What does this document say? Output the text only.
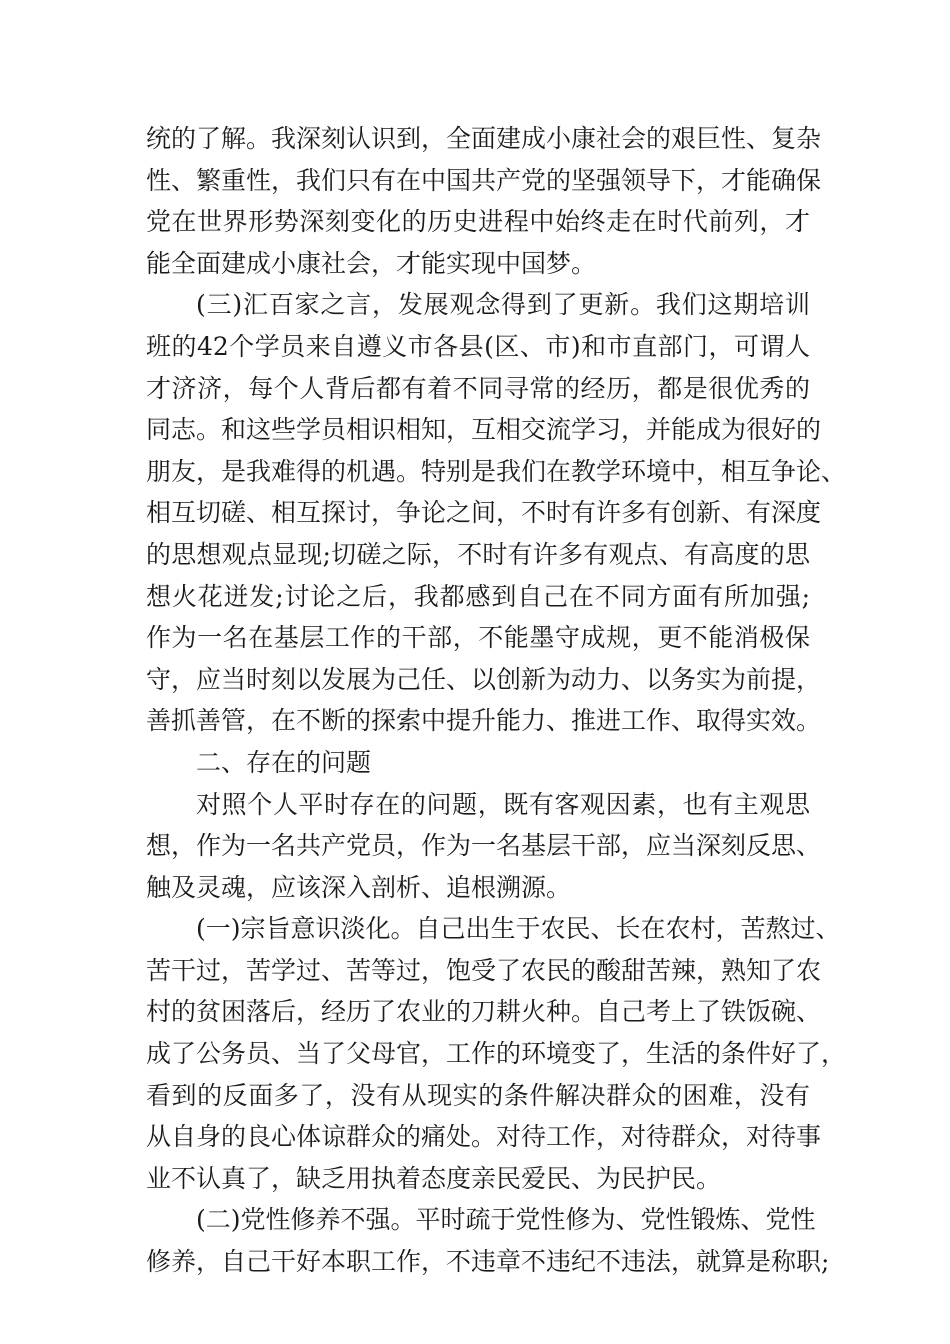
统的了解。我深刻认识到，全面建成小康社会的艰巨性、复杂
性、繁重性，我们只有在中国共产党的坚强领导下，才能确保
党在世界形势深刻变化的历史进程中始终走在时代前列，才
能全面建成小康社会，才能实现中国梦。
(三)汇百家之言，发展观念得到了更新。我们这期培训
班的42个学员来自遵义市各县(区、市)和市直部门，可谓人
才济济，每个人背后都有着不同寻常的经历，都是很优秀的
同志。和这些学员相识相知，互相交流学习，并能成为很好的
朋友，是我难得的机遇。特别是我们在教学环境中，相互争论、
相互切磋、相互探讨，争论之间，不时有许多有创新、有深度
的思想观点显现;切磋之际，不时有许多有观点、有高度的思
想火花迸发;讨论之后，我都感到自己在不同方面有所加强;
作为一名在基层工作的干部，不能墨守成规，更不能消极保
守，应当时刻以发展为己任、以创新为动力、以务实为前提，
善抓善管，在不断的探索中提升能力、推进工作、取得实效。
二、存在的问题
对照个人平时存在的问题，既有客观因素，也有主观思
想，作为一名共产党员，作为一名基层干部，应当深刻反思、
触及灵魂，应该深入剖析、追根溯源。
(一)宗旨意识淡化。自己出生于农民、长在农村，苦熬过、
苦干过，苦学过、苦等过，饱受了农民的酸甜苦辣，熟知了农
村的贫困落后，经历了农业的刀耕火种。自己考上了铁饭碗、
成了公务员、当了父母官，工作的环境变了，生活的条件好了，
看到的反面多了，没有从现实的条件解决群众的困难，没有
从自身的良心体谅群众的痛处。对待工作，对待群众，对待事
业不认真了，缺乏用执着态度亲民爱民、为民护民。
(二)党性修养不强。平时疏于党性修为、党性锻炼、党性
修养，自己干好本职工作，不违章不违纪不违法，就算是称职;
